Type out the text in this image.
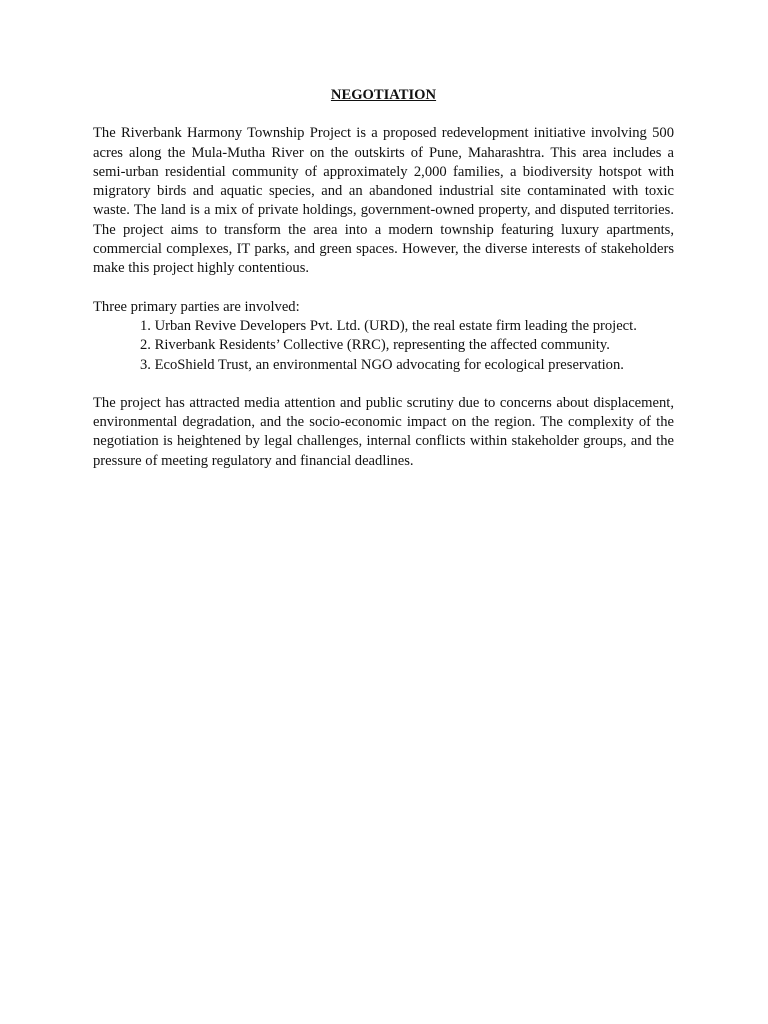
NEGOTIATION

The Riverbank Harmony Township Project is a proposed redevelopment initiative involving 500 acres along the Mula-Mutha River on the outskirts of Pune, Maharashtra. This area includes a semi-urban residential community of approximately 2,000 families, a biodiversity hotspot with migratory birds and aquatic species, and an abandoned industrial site contaminated with toxic waste. The land is a mix of private holdings, government-owned property, and disputed territories. The project aims to transform the area into a modern township featuring luxury apartments, commercial complexes, IT parks, and green spaces. However, the diverse interests of stakeholders make this project highly contentious.

Three primary parties are involved:

1. Urban Revive Developers Pvt. Ltd. (URD), the real estate firm leading the project.
2. Riverbank Residents’ Collective (RRC), representing the affected community.
3. EcoShield Trust, an environmental NGO advocating for ecological preservation.

The project has attracted media attention and public scrutiny due to concerns about displacement, environmental degradation, and the socio-economic impact on the region. The complexity of the negotiation is heightened by legal challenges, internal conflicts within stakeholder groups, and the pressure of meeting regulatory and financial deadlines.
